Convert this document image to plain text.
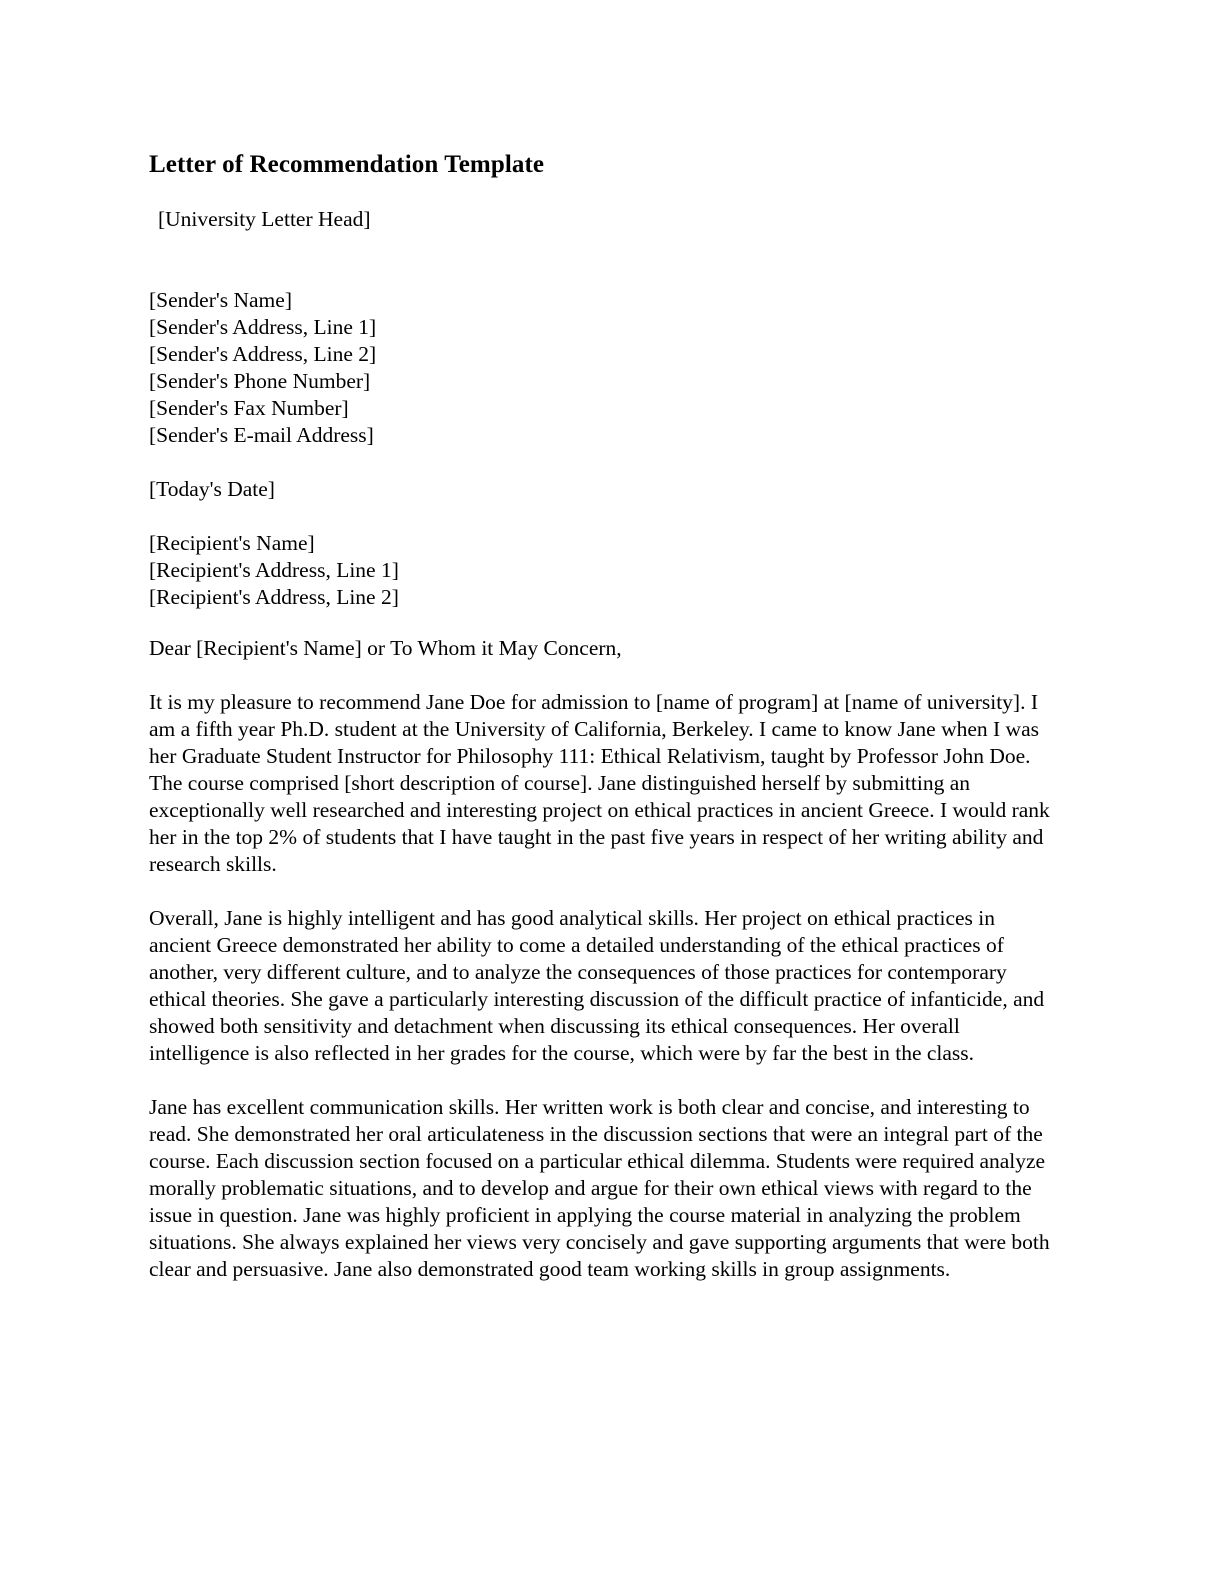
Letter of Recommendation Template

[University Letter Head]

[Sender's Name]
[Sender's Address, Line 1]
[Sender's Address, Line 2]
[Sender's Phone Number]
[Sender's Fax Number]
[Sender's E-mail Address]

[Today's Date]

[Recipient's Name]
[Recipient's Address, Line 1]
[Recipient's Address, Line 2]

Dear [Recipient's Name] or To Whom it May Concern,

It is my pleasure to recommend Jane Doe for admission to [name of program] at [name of university]. I am a fifth year Ph.D. student at the University of California, Berkeley. I came to know Jane when I was her Graduate Student Instructor for Philosophy 111: Ethical Relativism, taught by Professor John Doe. The course comprised [short description of course]. Jane distinguished herself by submitting an exceptionally well researched and interesting project on ethical practices in ancient Greece. I would rank her in the top 2% of students that I have taught in the past five years in respect of her writing ability and research skills.

Overall, Jane is highly intelligent and has good analytical skills. Her project on ethical practices in ancient Greece demonstrated her ability to come a detailed understanding of the ethical practices of another, very different culture, and to analyze the consequences of those practices for contemporary ethical theories. She gave a particularly interesting discussion of the difficult practice of infanticide, and showed both sensitivity and detachment when discussing its ethical consequences. Her overall intelligence is also reflected in her grades for the course, which were by far the best in the class.

Jane has excellent communication skills. Her written work is both clear and concise, and interesting to read. She demonstrated her oral articulateness in the discussion sections that were an integral part of the course. Each discussion section focused on a particular ethical dilemma. Students were required analyze morally problematic situations, and to develop and argue for their own ethical views with regard to the issue in question. Jane was highly proficient in applying the course material in analyzing the problem situations. She always explained her views very concisely and gave supporting arguments that were both clear and persuasive. Jane also demonstrated good team working skills in group assignments.
